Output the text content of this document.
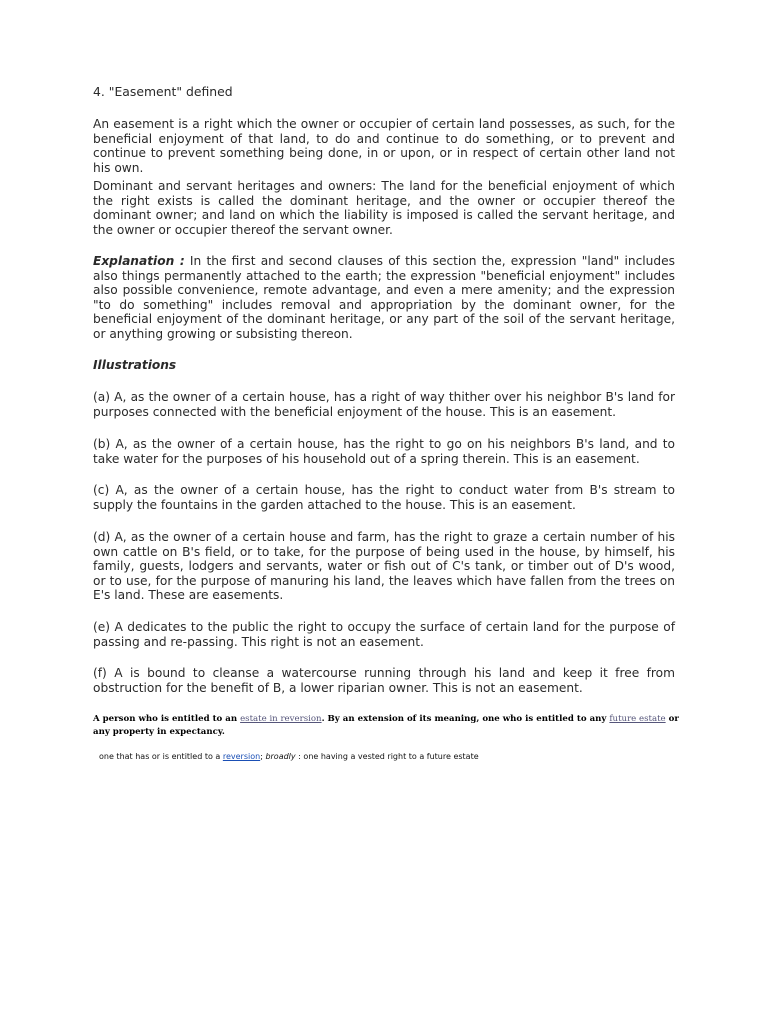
4. "Easement" defined

An easement is a right which the owner or occupier of certain land possesses, as such, for the beneficial enjoyment of that land, to do and continue to do something, or to prevent and continue to prevent something being done, in or upon, or in respect of certain other land not his own.

Dominant and servant heritages and owners: The land for the beneficial enjoyment of which the right exists is called the dominant heritage, and the owner or occupier thereof the dominant owner; and land on which the liability is imposed is called the servant heritage, and the owner or occupier thereof the servant owner.

Explanation : In the first and second clauses of this section the, expression "land" includes also things permanently attached to the earth; the expression "beneficial enjoyment" includes also possible convenience, remote advantage, and even a mere amenity; and the expression "to do something" includes removal and appropriation by the dominant owner, for the beneficial enjoyment of the dominant heritage, or any part of the soil of the servant heritage, or anything growing or subsisting thereon.

Illustrations

(a) A, as the owner of a certain house, has a right of way thither over his neighbor B's land for purposes connected with the beneficial enjoyment of the house. This is an easement.

(b) A, as the owner of a certain house, has the right to go on his neighbors B's land, and to take water for the purposes of his household out of a spring therein. This is an easement.

(c) A, as the owner of a certain house, has the right to conduct water from B's stream to supply the fountains in the garden attached to the house. This is an easement.

(d) A, as the owner of a certain house and farm, has the right to graze a certain number of his own cattle on B's field, or to take, for the purpose of being used in the house, by himself, his family, guests, lodgers and servants, water or fish out of C's tank, or timber out of D's wood, or to use, for the purpose of manuring his land, the leaves which have fallen from the trees on E's land. These are easements.

(e) A dedicates to the public the right to occupy the surface of certain land for the purpose of passing and re-passing. This right is not an easement.

(f) A is bound to cleanse a watercourse running through his land and keep it free from obstruction for the benefit of B, a lower riparian owner. This is not an easement.

A person who is entitled to an estate in reversion. By an extension of its meaning, one who is entitled to any future estate or any property in expectancy.
one that has or is entitled to a reversion; broadly : one having a vested right to a future estate
